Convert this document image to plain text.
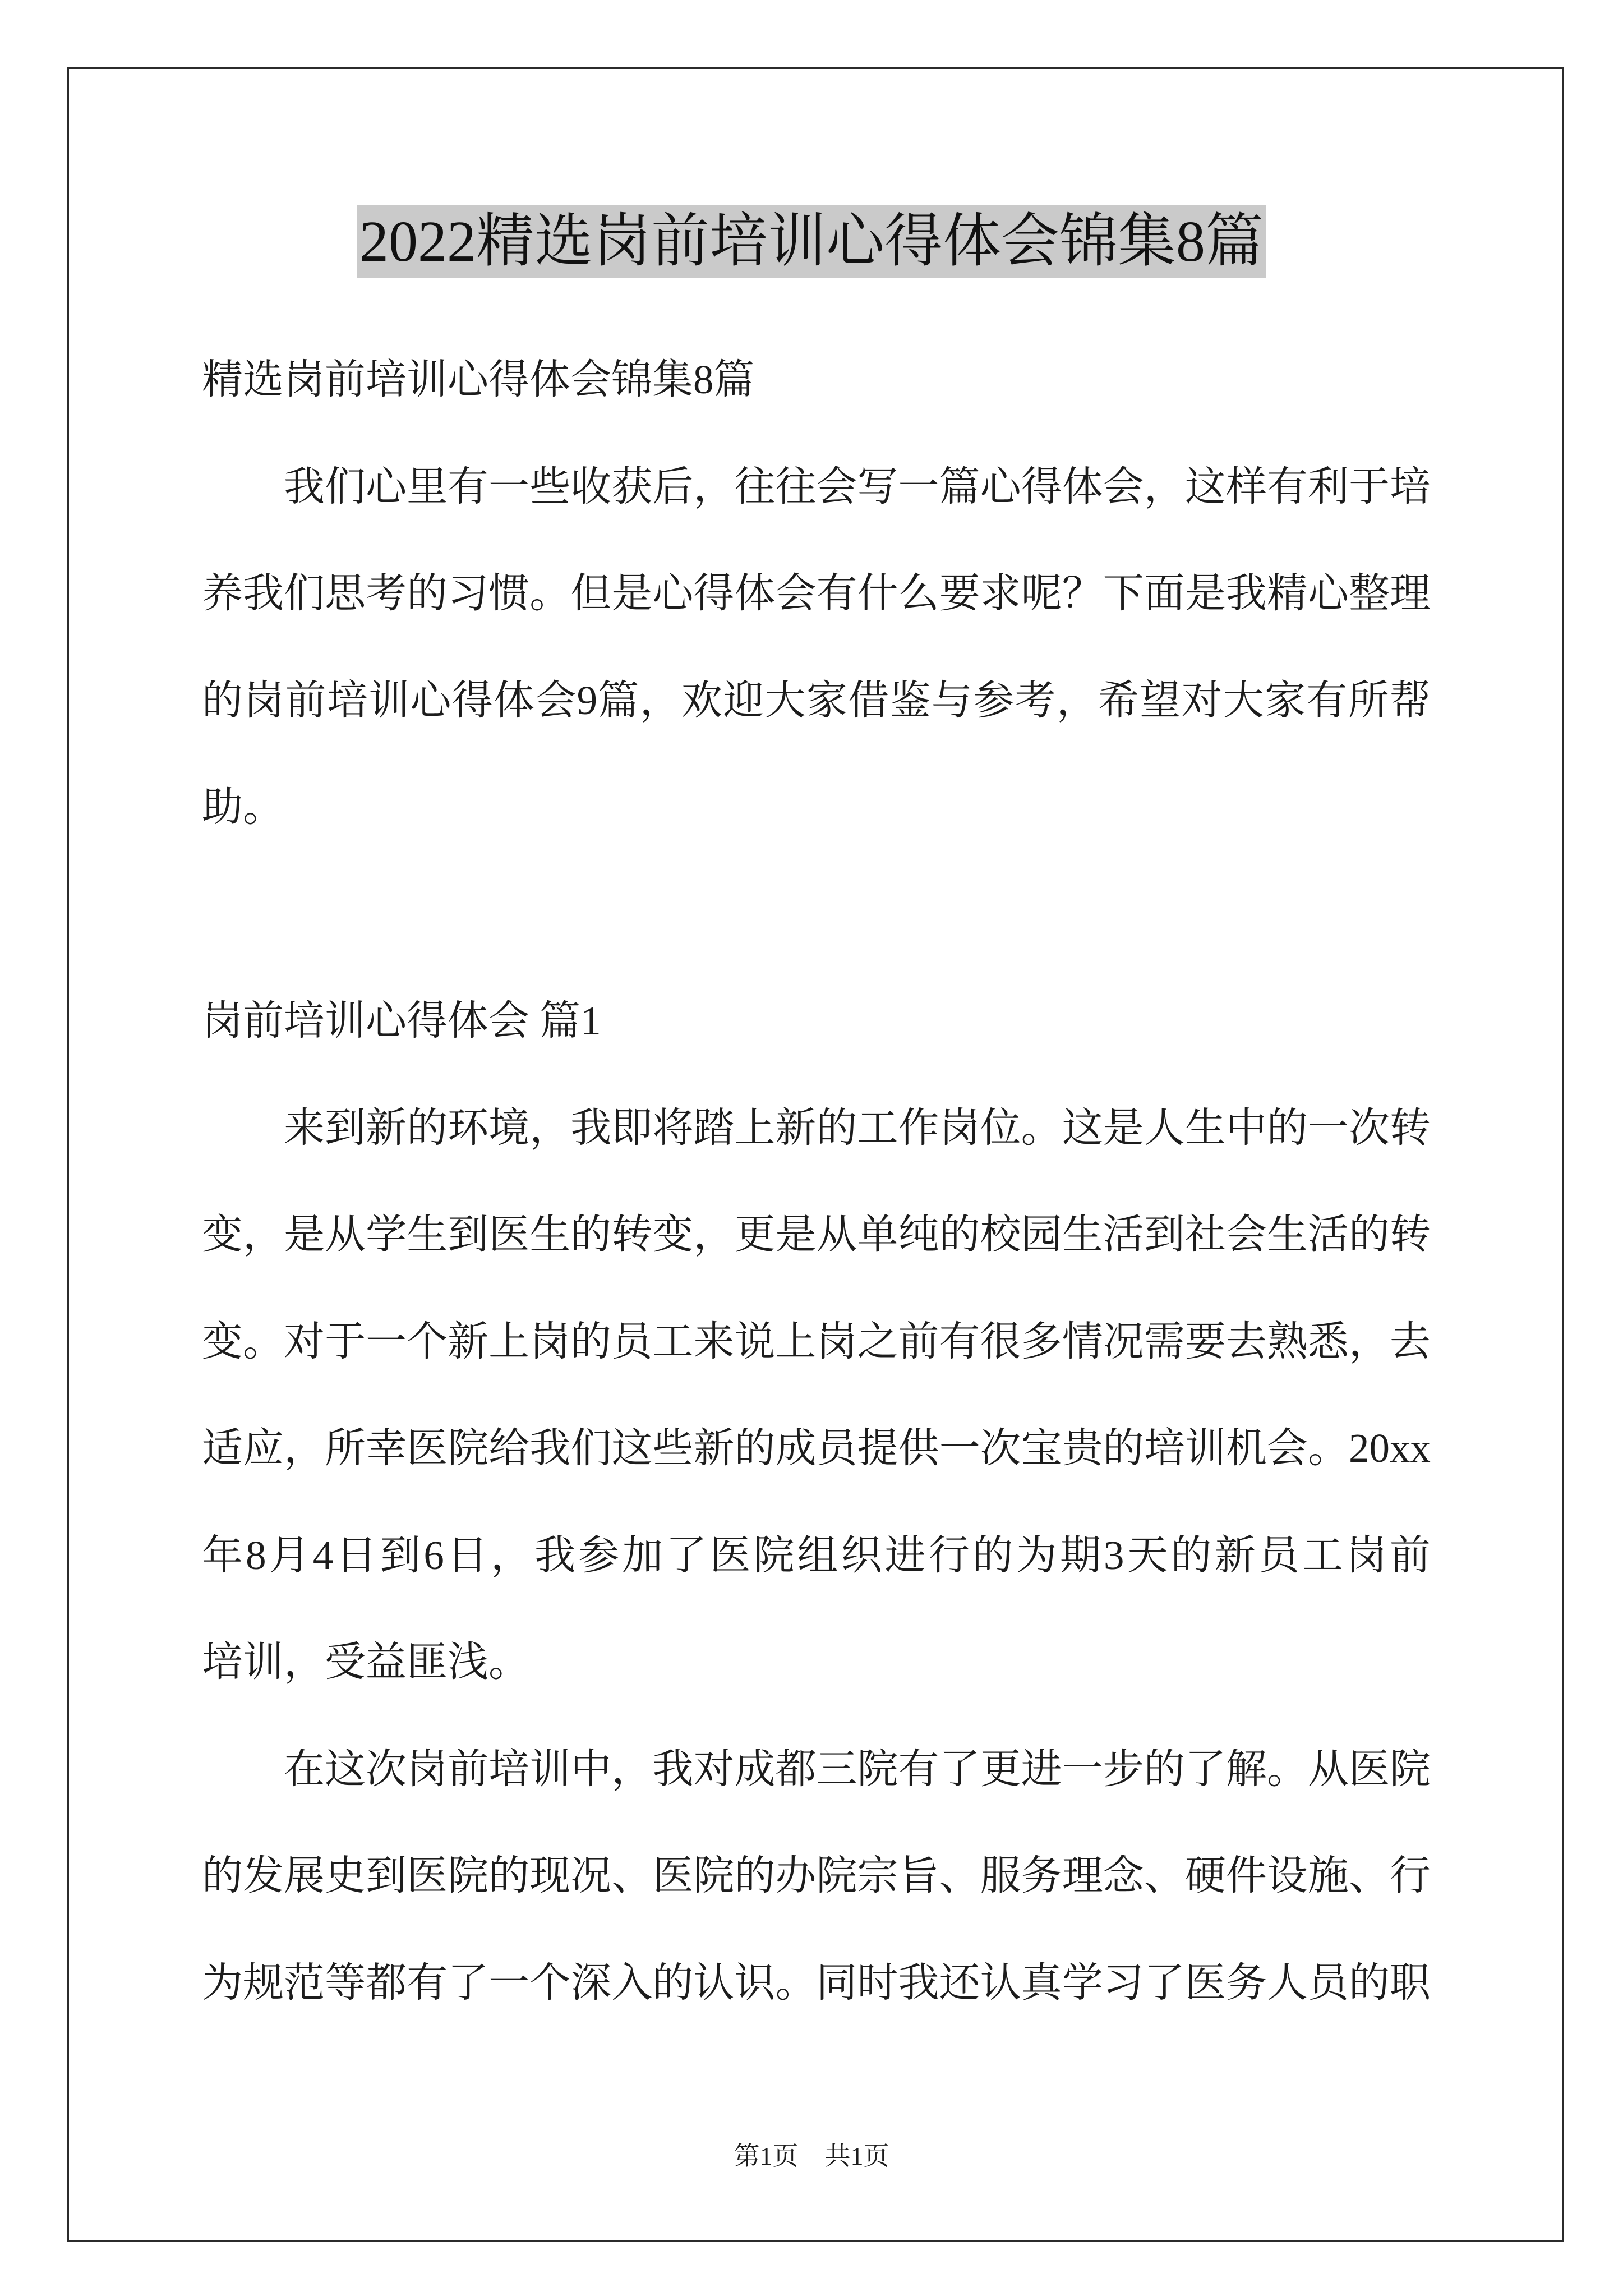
2022精选岗前培训心得体会锦集8篇
精选岗前培训心得体会锦集8篇
我们心里有一些收获后，往往会写一篇心得体会，这样有利于培
养我们思考的习惯。但是心得体会有什么要求呢？下面是我精心整理
的岗前培训心得体会9篇，欢迎大家借鉴与参考，希望对大家有所帮
助。
岗前培训心得体会 篇1
来到新的环境，我即将踏上新的工作岗位。这是人生中的一次转
变，是从学生到医生的转变，更是从单纯的校园生活到社会生活的转
变。对于一个新上岗的员工来说上岗之前有很多情况需要去熟悉，去
适应，所幸医院给我们这些新的成员提供一次宝贵的培训机会。20xx
年8月4日到6日，我参加了医院组织进行的为期3天的新员工岗前
培训，受益匪浅。
在这次岗前培训中，我对成都三院有了更进一步的了解。从医院
的发展史到医院的现况、医院的办院宗旨、服务理念、硬件设施、行
为规范等都有了一个深入的认识。同时我还认真学习了医务人员的职
第1页 共1页
